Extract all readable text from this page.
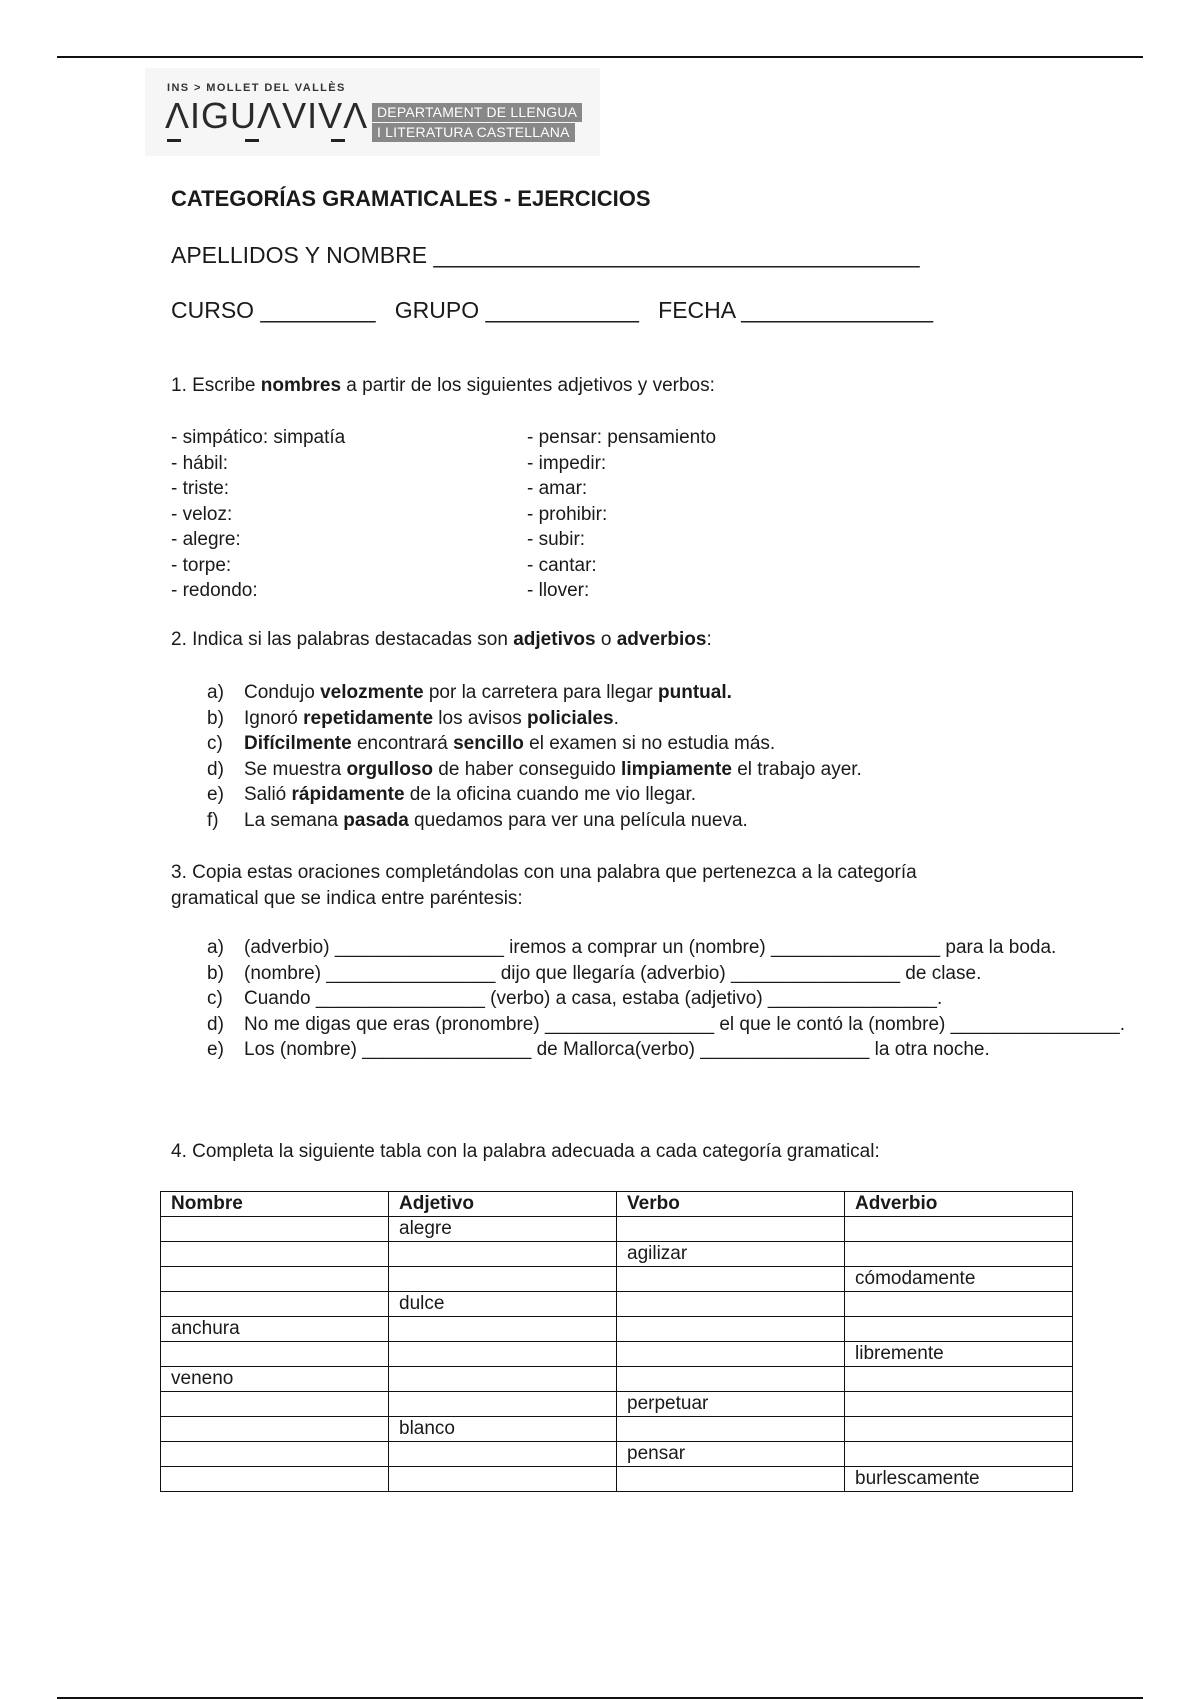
INS > MOLLET DEL VALLÈS
ΛIGUΛVIVΛ DEPARTAMENT DE LLENGUA
I LITERATURA CASTELLANA
CATEGORÍAS GRAMATICALES - EJERCICIOS
APELLIDOS Y NOMBRE ______________________________________
CURSO _________   GRUPO ____________   FECHA _______________
1. Escribe nombres a partir de los siguientes adjetivos y verbos:
- simpático: simpatía
- hábil:
- triste:
- veloz:
- alegre:
- torpe:
- redondo:
- pensar: pensamiento
- impedir:
- amar:
- prohibir:
- subir:
- cantar:
- llover:
2. Indica si las palabras destacadas son adjetivos o adverbios:
a)	Condujo velozmente por la carretera para llegar puntual.
b)	Ignoró repetidamente los avisos policiales.
c)	Difícilmente encontrará sencillo el examen si no estudia más.
d)	Se muestra orgulloso de haber conseguido limpiamente el trabajo ayer.
e)	Salió rápidamente de la oficina cuando me vio llegar.
f)	La semana pasada quedamos para ver una película nueva.
3. Copia estas oraciones completándolas con una palabra que pertenezca a la categoría
gramatical que se indica entre paréntesis:
a)	(adverbio) ________________ iremos a comprar un (nombre) ________________ para la boda.
b)	(nombre) ________________ dijo que llegaría (adverbio) ________________ de clase.
c)	Cuando ________________ (verbo) a casa, estaba (adjetivo) ________________.
d)	No me digas que eras (pronombre) ________________ el que le contó la (nombre) ________________.
e)	Los (nombre) ________________ de Mallorca(verbo) ________________ la otra noche.
4. Completa la siguiente tabla con la palabra adecuada a cada categoría gramatical:
Nombre	Adjetivo	Verbo	Adverbio
	alegre		
		agilizar	
			cómodamente
	dulce		
anchura			
			libremente
veneno			
		perpetuar	
	blanco		
		pensar	
			burlescamente
